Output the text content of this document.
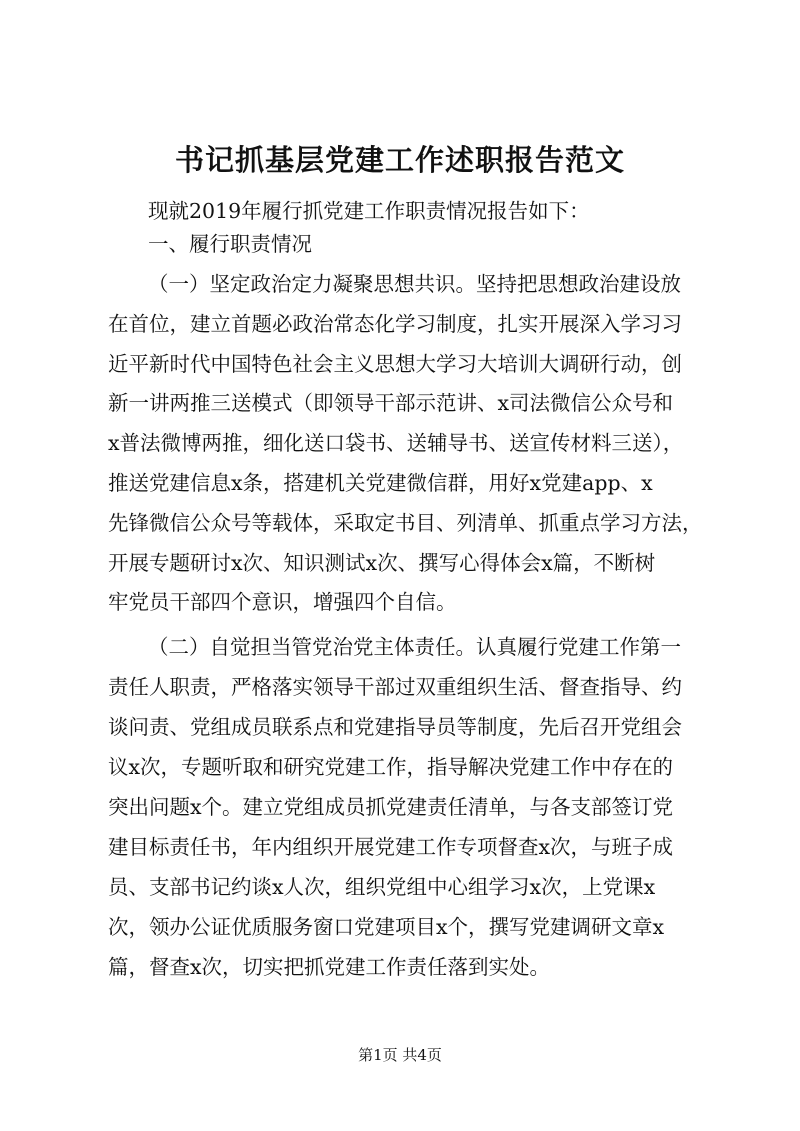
书记抓基层党建工作述职报告范文

现就2019年履行抓党建工作职责情况报告如下：

一、履行职责情况

（一）坚定政治定力凝聚思想共识。坚持把思想政治建设放

在首位，建立首题必政治常态化学习制度，扎实开展深入学习习

近平新时代中国特色社会主义思想大学习大培训大调研行动，创

新一讲两推三送模式（即领导干部示范讲、x司法微信公众号和

x普法微博两推，细化送口袋书、送辅导书、送宣传材料三送），

推送党建信息x条，搭建机关党建微信群，用好x党建app、x

先锋微信公众号等载体，采取定书目、列清单、抓重点学习方法，

开展专题研讨x次、知识测试x次、撰写心得体会x篇，不断树

牢党员干部四个意识，增强四个自信。

（二）自觉担当管党治党主体责任。认真履行党建工作第一

责任人职责，严格落实领导干部过双重组织生活、督查指导、约

谈问责、党组成员联系点和党建指导员等制度，先后召开党组会

议x次，专题听取和研究党建工作，指导解决党建工作中存在的

突出问题x个。建立党组成员抓党建责任清单，与各支部签订党

建目标责任书，年内组织开展党建工作专项督查x次，与班子成

员、支部书记约谈x人次，组织党组中心组学习x次，上党课x

次，领办公证优质服务窗口党建项目x个，撰写党建调研文章x

篇，督查x次，切实把抓党建工作责任落到实处。

第1页 共4页
